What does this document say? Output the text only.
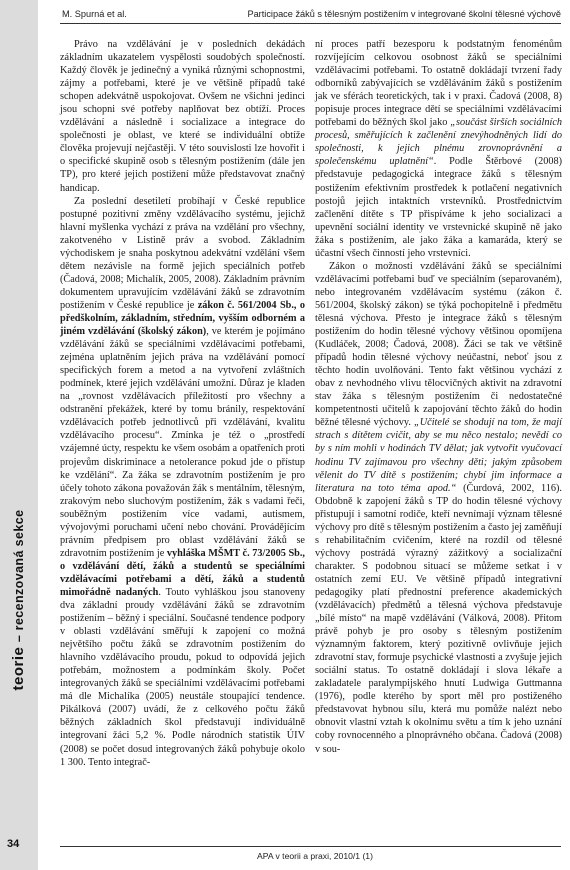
teorie – recenzovaná sekce
34
M. Spurná et al.	Participace žáků s tělesným postižením v integrované školní tělesné výchově

Právo na vzdělávání je v posledních dekádách základním ukazatelem vyspělosti soudobých společností. Každý člověk je jedinečný a vyniká různými schopnostmi, zájmy a potřebami, které je ve většině případů také schopen adekvátně uspokojovat. Ovšem ne všichni jedinci jsou schopni své potřeby naplňovat bez obtíží. Proces vzdělávání a následně i socializace a integrace do společnosti je oblast, ve které se individuální obtíže člověka projevují nejčastěji. V této souvislosti lze hovořit i o specifické skupině osob s tělesným postižením (dále jen TP), pro které jejich postižení může představovat značný handicap.

Za poslední desetiletí probíhají v České republice postupné pozitivní změny vzdělávacího systému, jejichž hlavní myšlenka vychází z práva na vzdělání pro všechny, zakotveného v Listině práv a svobod. Základním východiskem je snaha poskytnou adekvátní vzdělání všem dětem nezávisle na formě jejich speciálních potřeb (Čadová, 2008; Michalík, 2005, 2008). Základním právním dokumentem upravujícím vzdělávání žáků se zdravotním postižením v České republice je zákon č. 561/2004 Sb., o předškolním, základním, středním, vyšším odborném a jiném vzdělávání (školský zákon), ve kterém je pojímáno vzdělávání žáků se speciálními vzdělávacími potřebami, zejména uplatněním jejich práva na vzdělávání pomocí specifických forem a metod a na vytvoření zvláštních podmínek, které jejich vzdělávání umožní. Důraz je kladen na „rovnost vzdělávacích příležitostí pro všechny a odstranění překážek, které by tomu bránily, respektování vzdělávacích potřeb jednotlivců při vzdělávání, kvalitu vzdělávacího procesu“. Zmínka je též o „prostředí vzájemné úcty, respektu ke všem osobám a opatřeních proti projevům diskriminace a netolerance pokud jde o přístup ke vzdělání“. Za žáka se zdravotním postižením je pro účely tohoto zákona považován žák s mentálním, tělesným, zrakovým nebo sluchovým postižením, žák s vadami řeči, souběžným postižením více vadami, autismem, vývojovými poruchami učení nebo chování. Provádějícím právním předpisem pro oblast vzdělávání žáků se zdravotním postižením je vyhláška MŠMT č. 73/2005 Sb., o vzdělávání dětí, žáků a studentů se speciálními vzdělávacími potřebami a dětí, žáků a studentů mimořádně nadaných. Touto vyhláškou jsou stanoveny dva základní proudy vzdělávání žáků se zdravotním postižením – běžný i speciální. Současné tendence podpory v oblasti vzdělávání směřují k zapojení co možná největšího počtu žáků se zdravotním postižením do hlavního vzdělávacího proudu, pokud to odpovídá jejich potřebám, možnostem a podmínkám školy. Počet integrovaných žáků se speciálními vzdělávacími potřebami má dle Michalíka (2005) neustále stoupající tendence. Pikálková (2007) uvádí, že z celkového počtu žáků běžných základních škol představují individuálně integrovaní žáci 5,2 %. Podle národních statistik ÚIV (2008) se počet dosud integrovaných žáků pohybuje okolo 1 300. Tento integrač-

ní proces patří bezesporu k podstatným fenoménům rozvíjejícím celkovou osobnost žáků se speciálními vzdělávacími potřebami. To ostatně dokládají tvrzení řady odborníků zabývajících se vzděláváním žáků s postižením jak ve sférách teoretických, tak i v praxi. Čadová (2008, 8) popisuje proces integrace dětí se speciálními vzdělávacími potřebami do běžných škol jako „součást širších sociálních procesů, směřujících k začlenění znevýhodněných lidí do společnosti, k jejich plnému zrovnoprávnění a společenskému uplatnění“. Podle Štěrbové (2008) představuje pedagogická integrace žáků s tělesným postižením efektivním prostředek k potlačení negativních postojů jejich intaktních vrstevníků. Prostřednictvím začlenění dítěte s TP přispíváme k jeho socializaci a upevnění sociální identity ve vrstevnické skupině ně jako žáka s postižením, ale jako žáka a kamaráda, který se účastní všech činností jeho vrstevníci.

Zákon o možnosti vzdělávání žáků se speciálními vzdělávacími potřebami buď ve speciálním (separovaném), nebo integrovaném vzdělávacím systému (zákon č. 561/2004, školský zákon) se týká pochopitelně i předmětu tělesná výchova. Přesto je integrace žáků s tělesným postižením do hodin tělesné výchovy většinou opomíjena (Kudláček, 2008; Čadová, 2008). Žáci se tak ve většině případů hodin tělesné výchovy neúčastní, neboť jsou z těchto hodin uvolňováni. Tento fakt většinou vychází z obav z nevhodného vlivu tělocvičných aktivit na zdravotní stav žáka s tělesným postižením či nedostatečné kompetentnosti učitelů k zapojování těchto žáků do hodin běžné tělesné výchovy. „Učitelé se shodují na tom, že mají strach s dítětem cvičit, aby se mu něco nestalo; nevědí co by s ním mohli v hodinách TV dělat; jak vytvořit vyučovací hodinu TV zajímavou pro všechny děti; jakým způsobem vělenit do TV dítě s postižením; chybí jim informace a literatura na toto téma apod.“ (Čurdová, 2002, 116). Obdobně k zapojení žáků s TP do hodin tělesné výchovy přistupují i samotní rodiče, kteří nevnímají význam tělesné výchovy pro dítě s tělesným postižením a často jej zaměňují s rehabilitačním cvičením, které na rozdíl od tělesné výchovy postrádá výrazný zážitkový a socializační charakter. S podobnou situací se můžeme setkat i v ostatních zemí EU. Ve většině případů integrativní pedagogiky platí přednostní preference akademických (vzdělávacích) předmětů a tělesná výchova představuje „bílé místo“ na mapě vzdělávání (Válková, 2008). Přitom právě pohyb je pro osoby s tělesným postižením významným faktorem, který pozitivně ovlivňuje jejich zdravotní stav, formuje psychické vlastnosti a zvyšuje jejich sociální status. To ostatně dokládají i slova lékaře a zakladatele paralympijského hnutí Ludwiga Guttmanna (1976), podle kterého by sport měl pro postiženého představovat hybnou sílu, která mu pomůže nalézt nebo obnovit vlastní vztah k okolnímu světu a tím k jeho uznání coby rovnocenného a plnoprávného občana. Čadová (2008) v sou-

APA v teorii a praxi, 2010/1 (1)
